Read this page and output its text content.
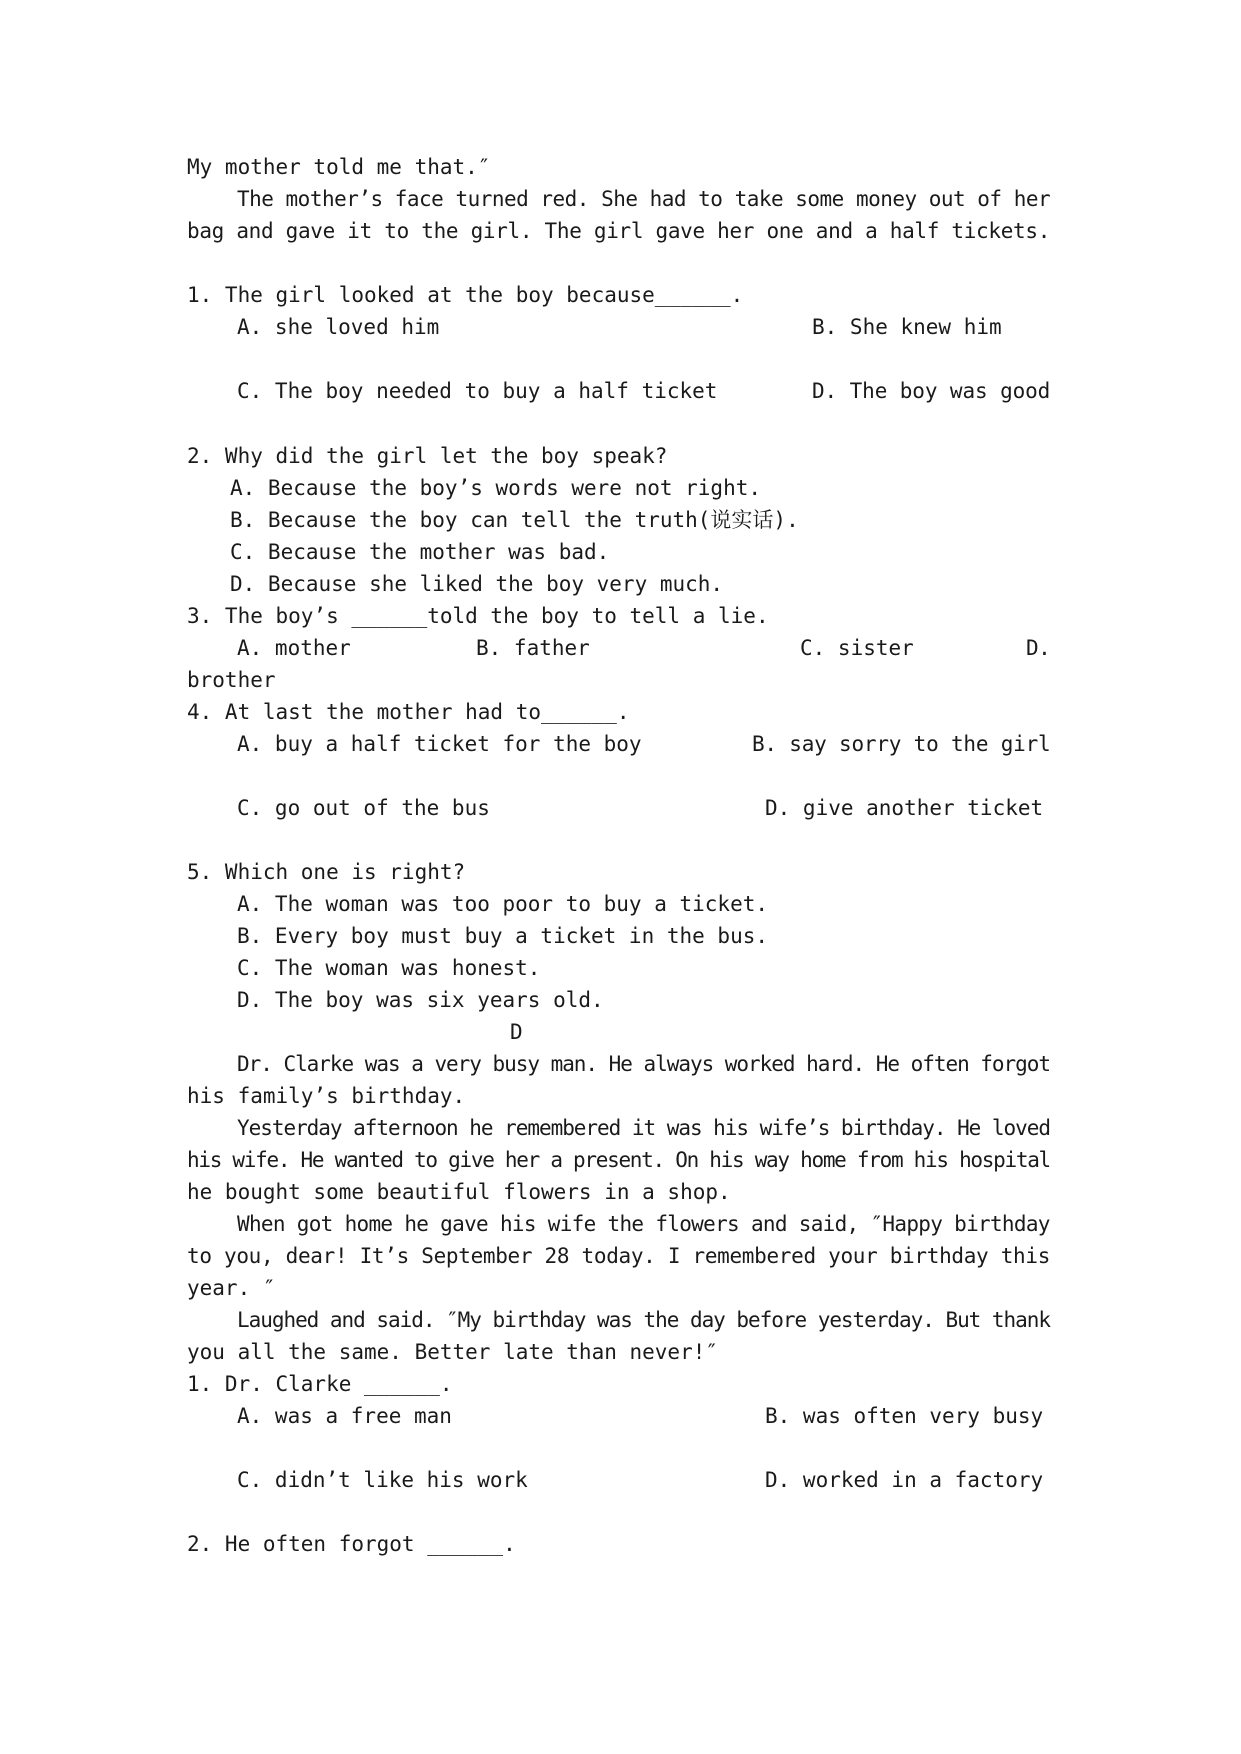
My mother told me that.″
The mother’s face turned red. She had to take some money out of her
bag and gave it to the girl. The girl gave her one and a half tickets.
1. The girl looked at the boy because______.
A. she loved him	B. She knew him
C. The boy needed to buy a half ticket	D. The boy was good
2. Why did the girl let the boy speak?
A. Because the boy’s words were not right.
B. Because the boy can tell the truth(说实话).
C. Because the mother was bad.
D. Because she liked the boy very much.
3. The boy’s ______told the boy to tell a lie.
A. mother	B. father	C. sister	D.
brother
4. At last the mother had to______.
A. buy a half ticket for the boy	B. say sorry to the girl
C. go out of the bus	D. give another ticket
5. Which one is right?
A. The woman was too poor to buy a ticket.
B. Every boy must buy a ticket in the bus.
C. The woman was honest.
D. The boy was six years old.
D
Dr. Clarke was a very busy man. He always worked hard. He often forgot
his family’s birthday.
Yesterday afternoon he remembered it was his wife’s birthday. He loved
his wife. He wanted to give her a present. On his way home from his hospital
he bought some beautiful flowers in a shop.
When got home he gave his wife the flowers and said, ″Happy birthday
to you, dear! It’s September 28 today. I remembered your birthday this
year. ″
Laughed and said. ″My birthday was the day before yesterday. But thank
you all the same. Better late than never!″
1. Dr. Clarke ______.
A. was a free man	B. was often very busy
C. didn’t like his work	D. worked in a factory
2. He often forgot ______.
